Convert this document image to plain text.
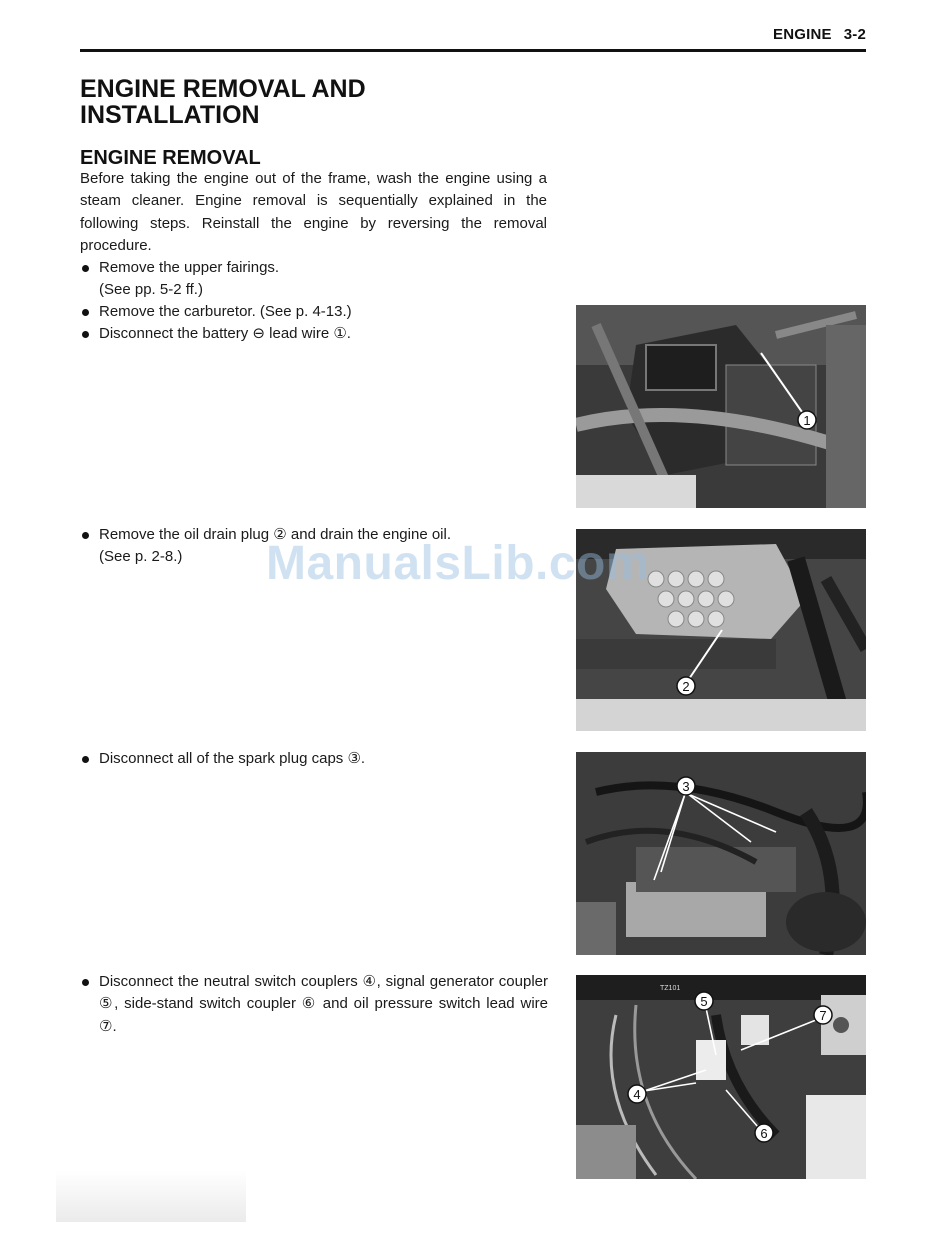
ENGINE 3-2
ENGINE REMOVAL AND INSTALLATION
ENGINE REMOVAL

Before taking the engine out of the frame, wash the engine using a steam cleaner. Engine removal is sequentially explained in the following steps. Reinstall the engine by reversing the removal procedure.

Remove the upper fairings.
(See pp. 5-2 ff.)
Remove the carburetor. (See p. 4-13.)
Disconnect the battery ⊖ lead wire ①.
Remove the oil drain plug ② and drain the engine oil.
(See p. 2-8.)
Disconnect all of the spark plug caps ③.
Disconnect the neutral switch couplers ④, signal generator coupler ⑤, side-stand switch coupler ⑥ and oil pressure switch lead wire ⑦.
1
2
3
TZ101
5
7
4
6
ManualsLib.com
